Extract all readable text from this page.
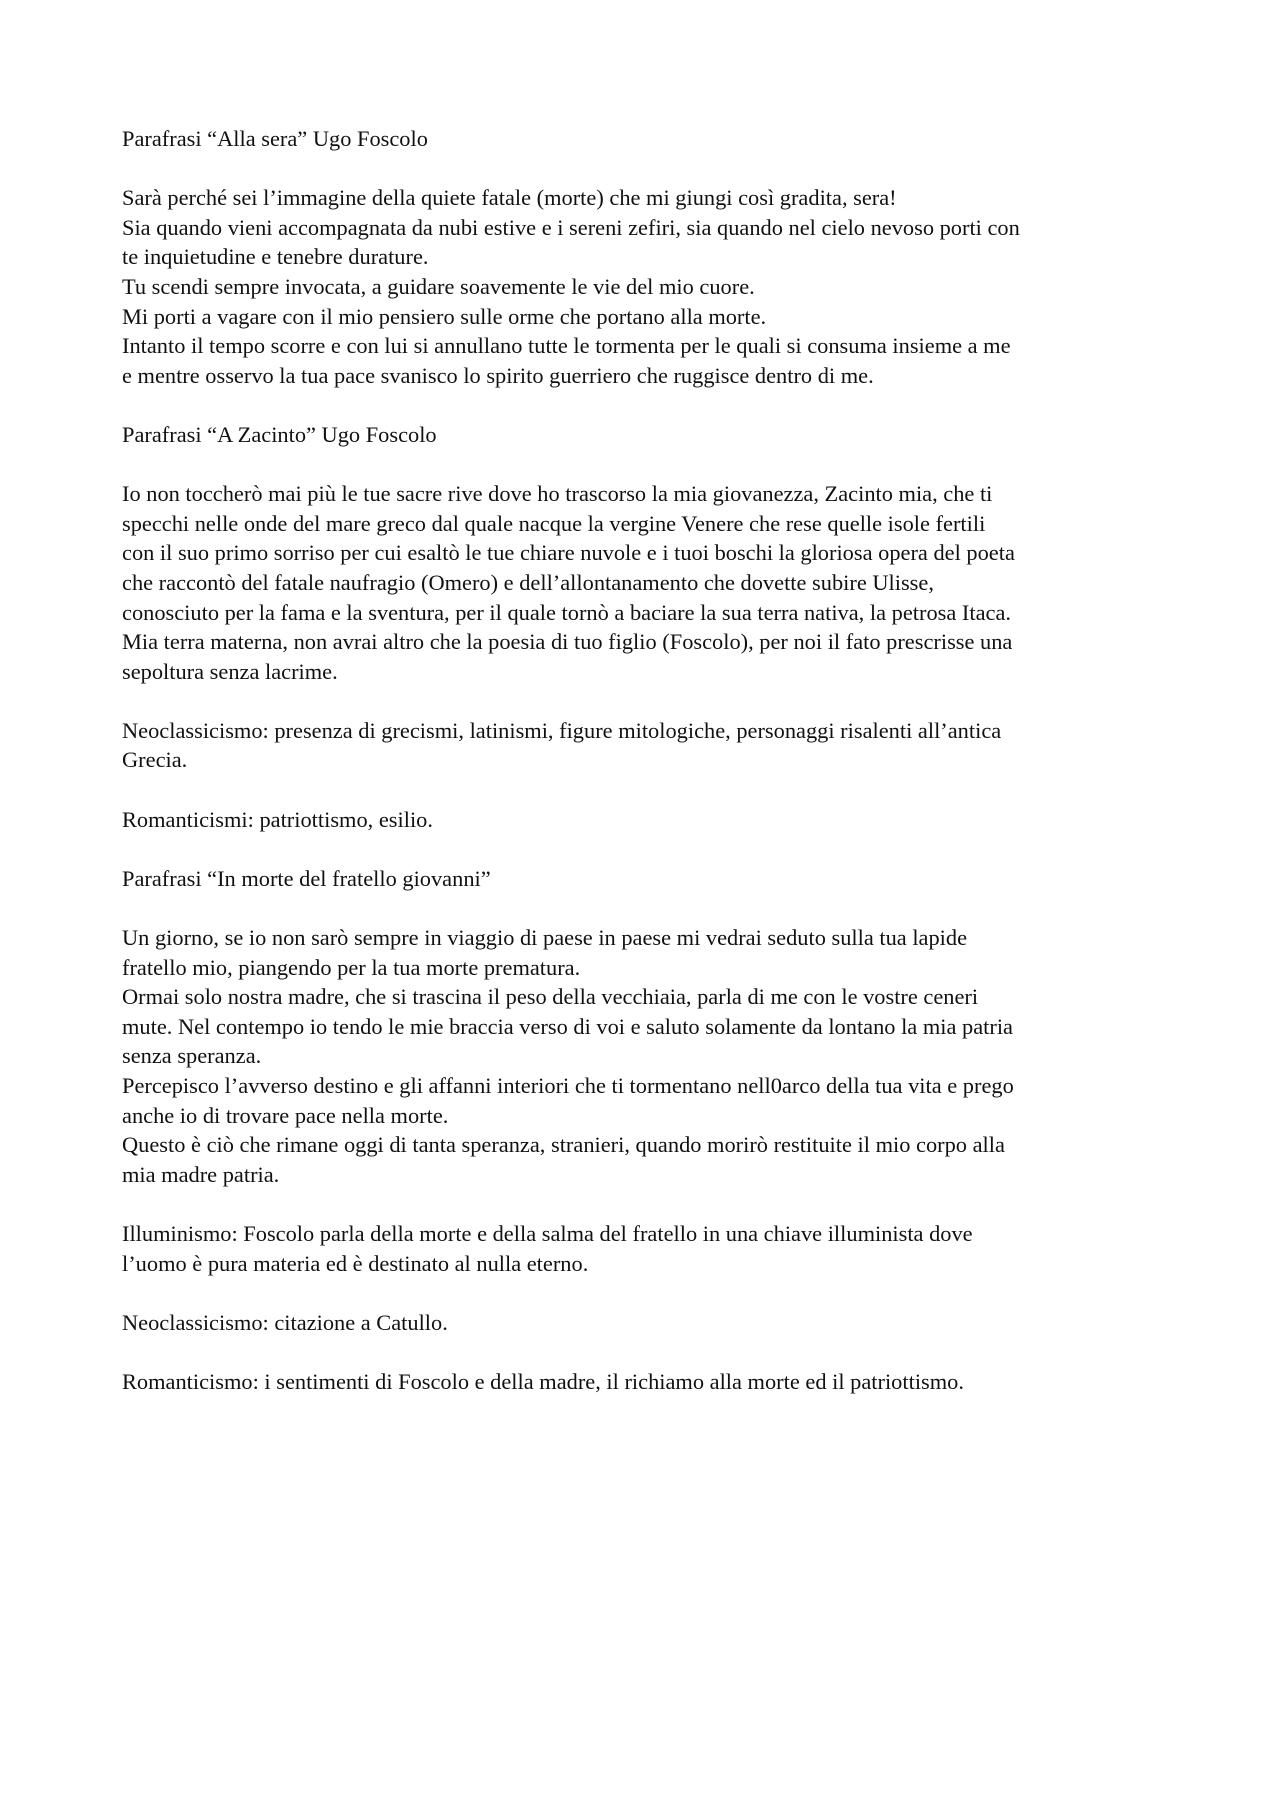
Parafrasi “Alla sera” Ugo Foscolo
Sarà perché sei l’immagine della quiete fatale (morte) che mi giungi così gradita, sera!
Sia quando vieni accompagnata da nubi estive e i sereni zefiri, sia quando nel cielo nevoso porti con
te inquietudine e tenebre durature.
Tu scendi sempre invocata, a guidare soavemente le vie del mio cuore.
Mi porti a vagare con il mio pensiero sulle orme che portano alla morte.
Intanto il tempo scorre e con lui si annullano tutte le tormenta per le quali si consuma insieme a me
e mentre osservo la tua pace svanisco lo spirito guerriero che ruggisce dentro di me.
Parafrasi “A Zacinto” Ugo Foscolo
Io non toccherò mai più le tue sacre rive dove ho trascorso la mia giovanezza, Zacinto mia, che ti
specchi nelle onde del mare greco dal quale nacque la vergine Venere che rese quelle isole fertili
con il suo primo sorriso per cui esaltò le tue chiare nuvole e i tuoi boschi la gloriosa opera del poeta
che raccontò del fatale naufragio (Omero) e dell’allontanamento che dovette subire Ulisse,
conosciuto per la fama e la sventura, per il quale tornò a baciare la sua terra nativa, la petrosa Itaca.
Mia terra materna, non avrai altro che la poesia di tuo figlio (Foscolo), per noi il fato prescrisse una
sepoltura senza lacrime.
Neoclassicismo: presenza di grecismi, latinismi, figure mitologiche, personaggi risalenti all’antica
Grecia.
Romanticismi: patriottismo, esilio.
Parafrasi “In morte del fratello giovanni”
Un giorno, se io non sarò sempre in viaggio di paese in paese mi vedrai seduto sulla tua lapide
fratello mio, piangendo per la tua morte prematura.
Ormai solo nostra madre, che si trascina il peso della vecchiaia, parla di me con le vostre ceneri
mute. Nel contempo io tendo le mie braccia verso di voi e saluto solamente da lontano la mia patria
senza speranza.
Percepisco l’avverso destino e gli affanni interiori che ti tormentano nell0arco della tua vita e prego
anche io di trovare pace nella morte.
Questo è ciò che rimane oggi di tanta speranza, stranieri, quando morirò restituite il mio corpo alla
mia madre patria.
Illuminismo: Foscolo parla della morte e della salma del fratello in una chiave illuminista dove
l’uomo è pura materia ed è destinato al nulla eterno.
Neoclassicismo: citazione a Catullo.
Romanticismo: i sentimenti di Foscolo e della madre, il richiamo alla morte ed il patriottismo.
